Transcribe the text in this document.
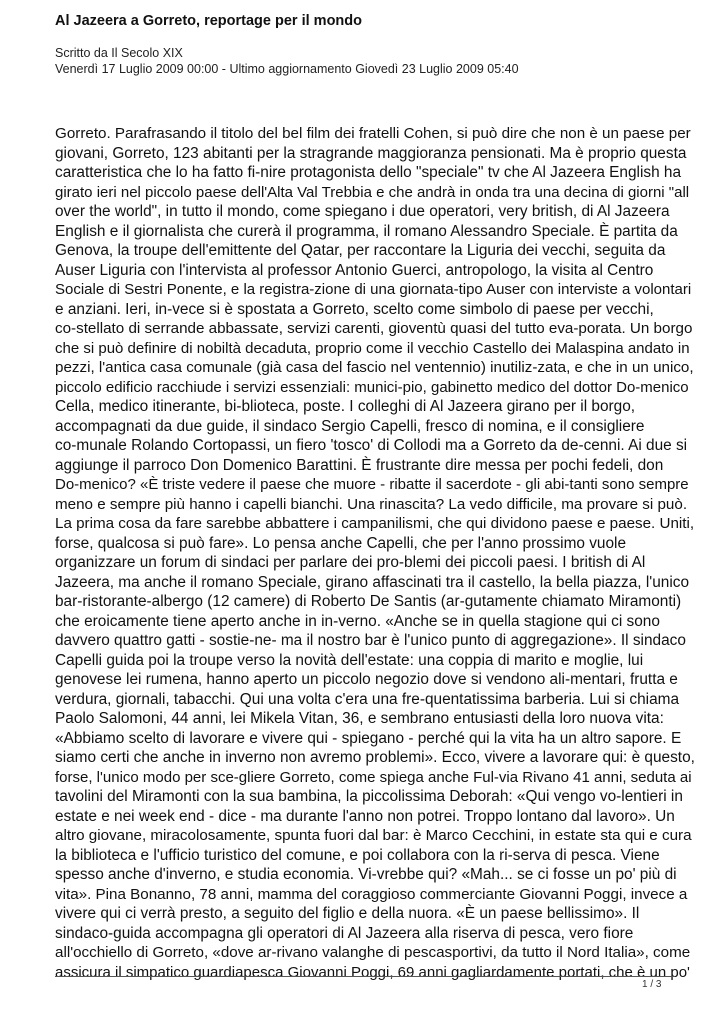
Al Jazeera a Gorreto, reportage per il mondo
Scritto da Il Secolo XIX
Venerdì 17 Luglio 2009 00:00 - Ultimo aggiornamento Giovedì 23 Luglio 2009 05:40
Gorreto. Parafrasando il titolo del bel film dei fratelli Cohen, si può dire che non è un paese per
giovani, Gorreto, 123 abitanti per la stragrande maggioranza pensionati. Ma è proprio questa
caratteristica che lo ha fatto fi-nire protagonista dello "speciale" tv che Al Jazeera English ha
girato ieri nel piccolo paese dell'Alta Val Trebbia e che andrà in onda tra una decina di giorni "all
over the world", in tutto il mondo, come spiegano i due operatori, very british, di Al Jazeera
English e il giornalista che curerà il programma, il romano Alessandro Speciale. È partita da
Genova, la troupe dell'emittente del Qatar, per raccontare la Liguria dei vecchi, seguita da
Auser Liguria con l'intervista al professor Antonio Guerci, antropologo, la visita al Centro
Sociale di Sestri Ponente, e la registra-zione di una giornata-tipo Auser con interviste a volontari
e anziani. Ieri, in-vece si è spostata a Gorreto, scelto come simbolo di paese per vecchi,
co-stellato di serrande abbassate, servizi carenti, gioventù quasi del tutto eva-porata. Un borgo
che si può definire di nobiltà decaduta, proprio come il vecchio Castello dei Malaspina andato in
pezzi, l'antica casa comunale (già casa del fascio nel ventennio) inutiliz-zata, e che in un unico,
piccolo edificio racchiude i servizi essenziali: munici-pio, gabinetto medico del dottor Do-menico
Cella, medico itinerante, bi-blioteca, poste. I colleghi di Al Jazeera girano per il borgo,
accompagnati da due guide, il sindaco Sergio Capelli, fresco di nomina, e il consigliere
co-munale Rolando Cortopassi, un fiero 'tosco' di Collodi ma a Gorreto da de-cenni. Ai due si
aggiunge il parroco Don Domenico Barattini. È frustrante dire messa per pochi fedeli, don
Do-menico? «È triste vedere il paese che muore - ribatte il sacerdote - gli abi-tanti sono sempre
meno e sempre più hanno i capelli bianchi. Una rinascita? La vedo difficile, ma provare si può.
La prima cosa da fare sarebbe abbattere i campanilismi, che qui dividono paese e paese. Uniti,
forse, qualcosa si può fare». Lo pensa anche Capelli, che per l'anno prossimo vuole
organizzare un forum di sindaci per parlare dei pro-blemi dei piccoli paesi. I british di Al
Jazeera, ma anche il romano Speciale, girano affascinati tra il castello, la bella piazza, l'unico
bar-ristorante-albergo (12 camere) di Roberto De Santis (ar-gutamente chiamato Miramonti)
che eroicamente tiene aperto anche in in-verno. «Anche se in quella stagione qui ci sono
davvero quattro gatti - sostie-ne- ma il nostro bar è l'unico punto di aggregazione». Il sindaco
Capelli guida poi la troupe verso la novità dell'estate: una coppia di marito e moglie, lui
genovese lei rumena, hanno aperto un piccolo negozio dove si vendono ali-mentari, frutta e
verdura, giornali, tabacchi. Qui una volta c'era una fre-quentatissima barberia. Lui si chiama
Paolo Salomoni, 44 anni, lei Mikela Vitan, 36, e sembrano entusiasti della loro nuova vita:
«Abbiamo scelto di lavorare e vivere qui - spiegano - perché qui la vita ha un altro sapore. E
siamo certi che anche in inverno non avremo problemi». Ecco, vivere a lavorare qui: è questo,
forse, l'unico modo per sce-gliere Gorreto, come spiega anche Ful-via Rivano 41 anni, seduta ai
tavolini del Miramonti con la sua bambina, la piccolissima Deborah: «Qui vengo vo-lentieri in
estate e nei week end - dice - ma durante l'anno non potrei. Troppo lontano dal lavoro». Un
altro giovane, miracolosamente, spunta fuori dal bar: è Marco Cecchini, in estate sta qui e cura
la biblioteca e l'ufficio turistico del comune, e poi collabora con la ri-serva di pesca. Viene
spesso anche d'inverno, e studia economia. Vi-vrebbe qui? «Mah... se ci fosse un po' più di
vita». Pina Bonanno, 78 anni, mamma del coraggioso commerciante Giovanni Poggi, invece a
vivere qui ci verrà presto, a seguito del figlio e della nuora. «È un paese bellissimo». Il
sindaco-guida accompagna gli operatori di Al Jazeera alla riserva di pesca, vero fiore
all'occhiello di Gorreto, «dove ar-rivano valanghe di pescasportivi, da tutto il Nord Italia», come
assicura il simpatico guardiapesca Giovanni Poggi, 69 anni gagliardamente portati, che è un po'
1 / 3
